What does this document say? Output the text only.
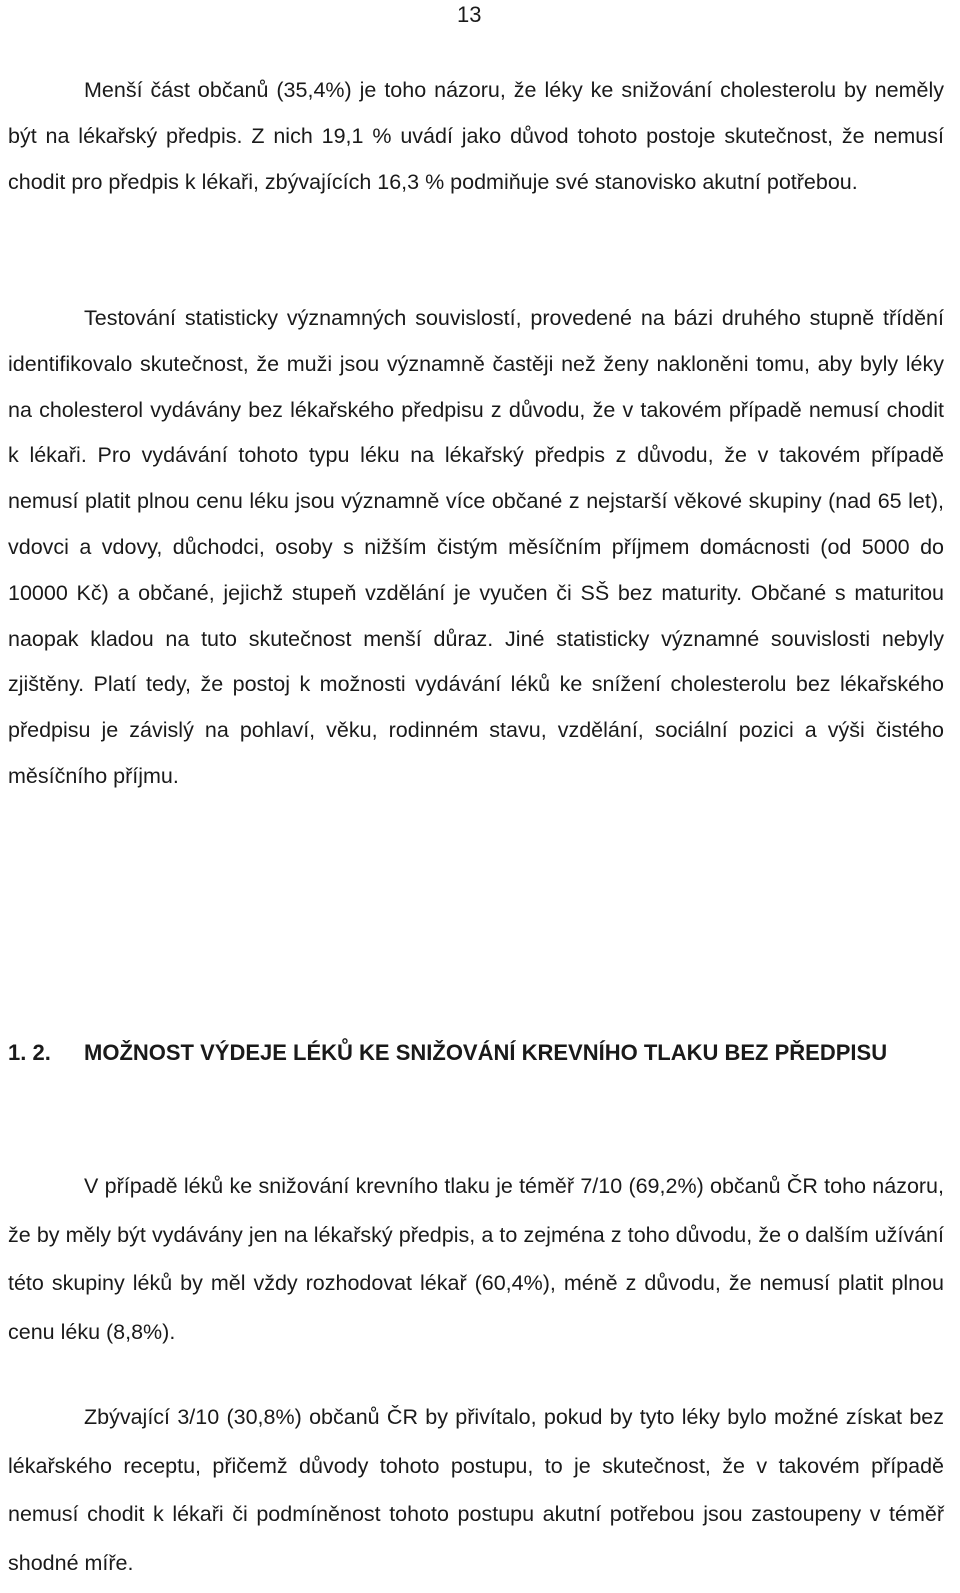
13

Menší část občanů (35,4%) je toho názoru, že léky ke snižování cholesterolu by neměly být na lékařský předpis. Z nich 19,1 % uvádí jako důvod tohoto postoje skutečnost, že nemusí chodit pro předpis k lékaři, zbývajících 16,3 % podmiňuje své stanovisko akutní potřebou.

Testování statisticky významných souvislostí, provedené na bázi druhého stupně třídění identifikovalo skutečnost, že muži jsou významně častěji než ženy nakloněni tomu, aby byly léky na cholesterol vydávány bez lékařského předpisu z důvodu, že v takovém případě nemusí chodit k lékaři. Pro vydávání tohoto typu léku na lékařský předpis z důvodu, že v takovém případě nemusí platit plnou cenu léku jsou významně více občané z nejstarší věkové skupiny (nad 65 let), vdovci a vdovy, důchodci, osoby s nižším čistým měsíčním příjmem domácnosti (od 5000 do 10000 Kč) a občané, jejichž stupeň vzdělání je vyučen či SŠ bez maturity. Občané s maturitou naopak kladou na tuto skutečnost menší důraz. Jiné statisticky významné souvislosti nebyly zjištěny. Platí tedy, že postoj k možnosti vydávání léků ke snížení cholesterolu bez lékařského předpisu je závislý na pohlaví, věku, rodinném stavu, vzdělání, sociální pozici a výši čistého měsíčního příjmu.

1. 2. MOŽNOST VÝDEJE LÉKŮ KE SNIŽOVÁNÍ KREVNÍHO TLAKU BEZ PŘEDPISU

V případě léků ke snižování krevního tlaku je téměř 7/10 (69,2%) občanů ČR toho názoru, že by měly být vydávány jen na lékařský předpis, a to zejména z toho důvodu, že o dalším užívání této skupiny léků by měl vždy rozhodovat lékař (60,4%), méně z důvodu, že nemusí platit plnou cenu léku (8,8%).

Zbývající 3/10 (30,8%) občanů ČR by přivítalo, pokud by tyto léky bylo možné získat bez lékařského receptu, přičemž důvody tohoto postupu, to je skutečnost, že v takovém případě nemusí chodit k lékaři či podmíněnost tohoto postupu akutní potřebou jsou zastoupeny v téměř shodné míře.
